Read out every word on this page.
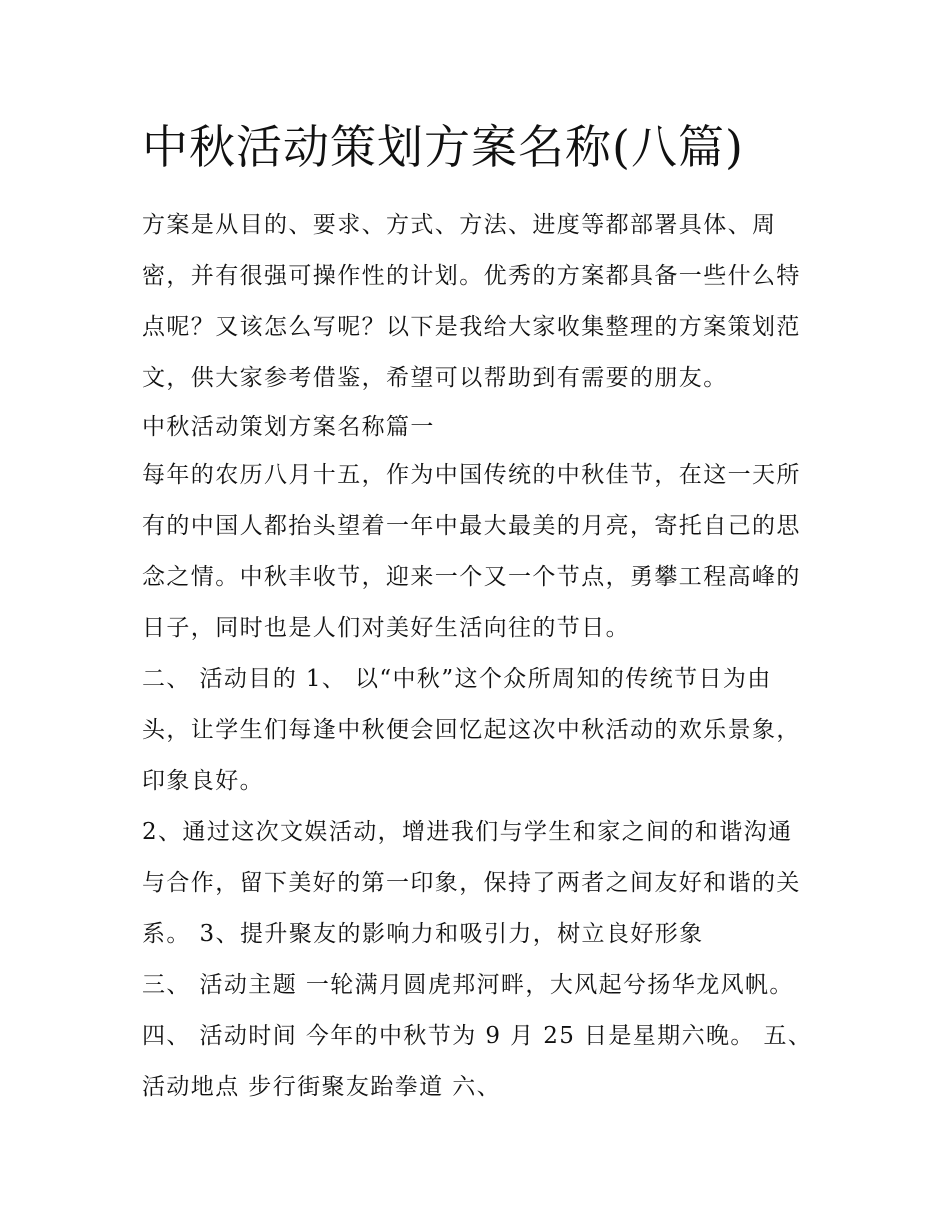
中秋活动策划方案名称(八篇)
方案是从目的、要求、方式、方法、进度等都部署具体、周
密，并有很强可操作性的计划。优秀的方案都具备一些什么特
点呢？又该怎么写呢？以下是我给大家收集整理的方案策划范
文，供大家参考借鉴，希望可以帮助到有需要的朋友。
中秋活动策划方案名称篇一
每年的农历八月十五，作为中国传统的中秋佳节，在这一天所
有的中国人都抬头望着一年中最大最美的月亮，寄托自己的思
念之情。中秋丰收节，迎来一个又一个节点，勇攀工程高峰的
日子，同时也是人们对美好生活向往的节日。
二、 活动目的 1、 以“中秋”这个众所周知的传统节日为由
头，让学生们每逢中秋便会回忆起这次中秋活动的欢乐景象，
印象良好。
2、通过这次文娱活动，增进我们与学生和家之间的和谐沟通
与合作，留下美好的第一印象，保持了两者之间友好和谐的关
系。 3、提升聚友的影响力和吸引力，树立良好形象
三、 活动主题 一轮满月圆虎邦河畔，大风起兮扬华龙风帆。
四、 活动时间 今年的中秋节为 9 月 25 日是星期六晚。 五、
活动地点 步行街聚友跆拳道 六、
